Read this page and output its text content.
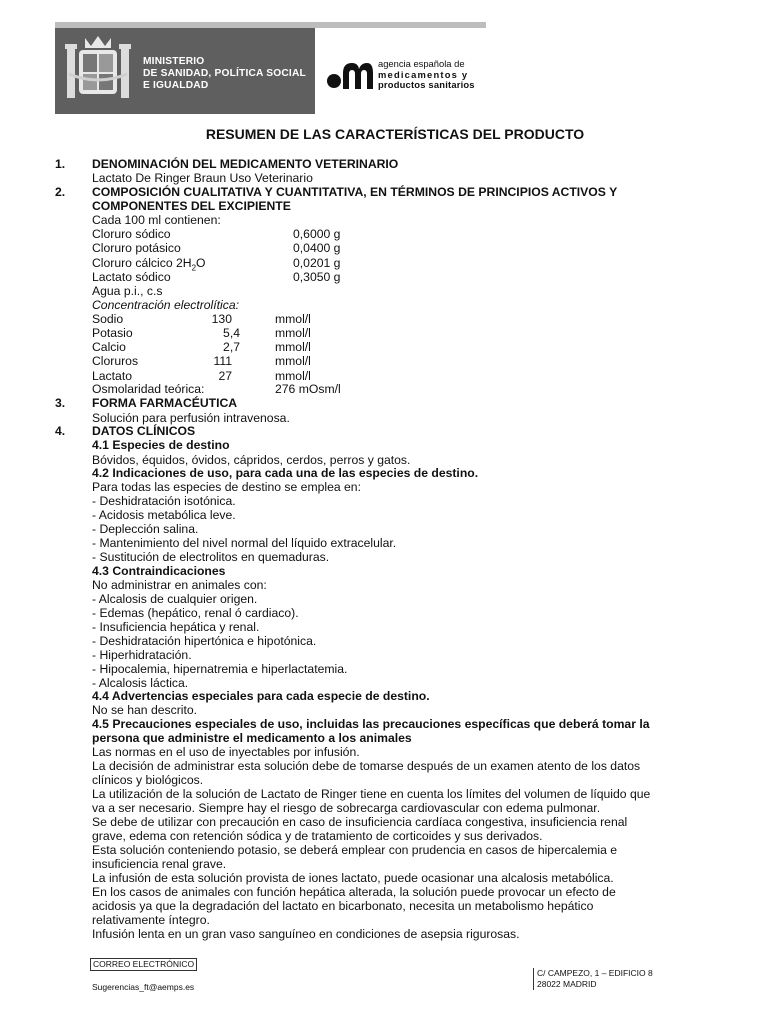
MINISTERIO
DE SANIDAD, POLÍTICA SOCIAL
E IGUALDAD
agencia española de
medicamentos y
productos sanitarios
RESUMEN DE LAS CARACTERÍSTICAS DEL PRODUCTO
1. DENOMINACIÓN DEL MEDICAMENTO VETERINARIO
Lactato De Ringer Braun Uso Veterinario
2. COMPOSICIÓN CUALITATIVA Y CUANTITATIVA, EN TÉRMINOS DE PRINCIPIOS ACTIVOS Y
COMPONENTES DEL EXCIPIENTE
Cada 100 ml contienen:
Cloruro sódico	0,6000 g
Cloruro potásico	0,0400 g
Cloruro cálcico $2H_2O$	0,0201 g
Lactato sódico	0,3050 g
Agua p.i., c.s
Concentración electrolítica:
Sodio	130	mmol/l
Potasio	5,4	mmol/l
Calcio	2,7	mmol/l
Cloruros	111	mmol/l
Lactato	27	mmol/l
Osmolaridad teórica:	276 mOsm/l
3. FORMA FARMACÉUTICA
Solución para perfusión intravenosa.
4. DATOS CLÍNICOS
4.1 Especies de destino
Bóvidos, équidos, óvidos, cápridos, cerdos, perros y gatos.
4.2 Indicaciones de uso, para cada una de las especies de destino.
Para todas las especies de destino se emplea en:
- Deshidratación isotónica.
- Acidosis metabólica leve.
- Deplección salina.
- Mantenimiento del nivel normal del líquido extracelular.
- Sustitución de electrolitos en quemaduras.
4.3 Contraindicaciones
No administrar en animales con:
- Alcalosis de cualquier origen.
- Edemas (hepático, renal ó cardiaco).
- Insuficiencia hepática y renal.
- Deshidratación hipertónica e hipotónica.
- Hiperhidratación.
- Hipocalemia, hipernatremia e hiperlactatemia.
- Alcalosis láctica.
4.4 Advertencias especiales para cada especie de destino.
No se han descrito.
4.5 Precauciones especiales de uso, incluidas las precauciones específicas que deberá tomar la
persona que administre el medicamento a los animales
Las normas en el uso de inyectables por infusión.
La decisión de administrar esta solución debe de tomarse después de un examen atento de los datos
clínicos y biológicos.
La utilización de la solución de Lactato de Ringer tiene en cuenta los límites del volumen de líquido que
va a ser necesario. Siempre hay el riesgo de sobrecarga cardiovascular con edema pulmonar.
Se debe de utilizar con precaución en caso de insuficiencia cardíaca congestiva, insuficiencia renal
grave, edema con retención sódica y de tratamiento de corticoides y sus derivados.
Esta solución conteniendo potasio, se deberá emplear con prudencia en casos de hipercalemia e
insuficiencia renal grave.
La infusión de esta solución provista de iones lactato, puede ocasionar una alcalosis metabólica.
En los casos de animales con función hepática alterada, la solución puede provocar un efecto de
acidosis ya que la degradación del lactato en bicarbonato, necesita un metabolismo hepático
relativamente íntegro.
Infusión lenta en un gran vaso sanguíneo en condiciones de asepsia rigurosas.
CORREO ELECTRÓNICO
Sugerencias_ft@aemps.es
C/ CAMPEZO, 1 – EDIFICIO 8
28022 MADRID
